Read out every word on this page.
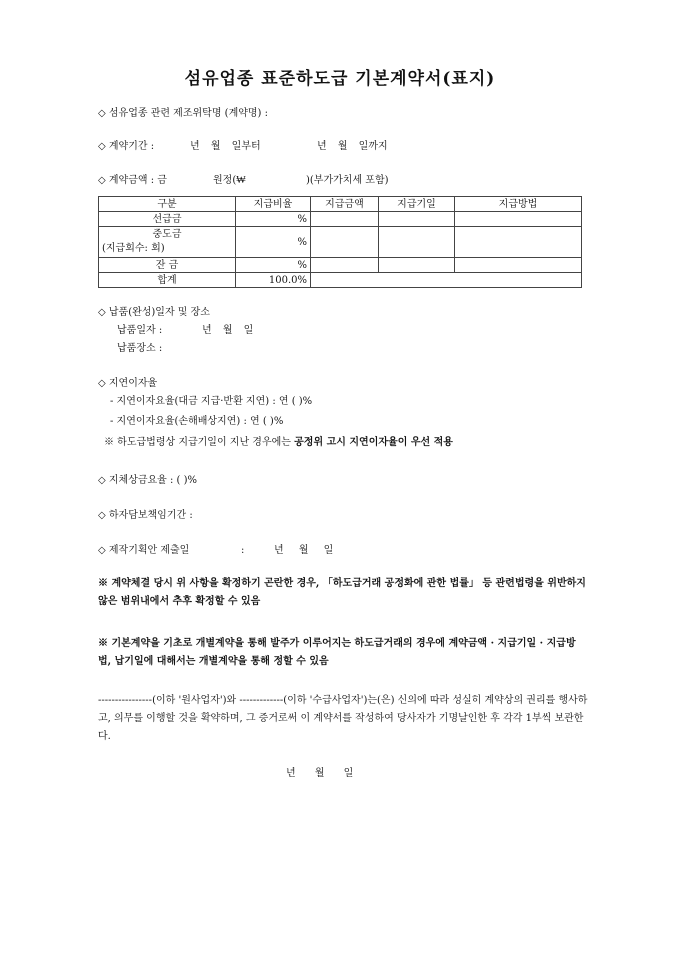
섬유업종 표준하도급 기본계약서(표지)
◇ 섬유업종 관련 제조위탁명 (계약명) :
◇ 계약기간 :	년 월 일부터	년 월 일까지
◇ 계약금액 : 금	원정(₩	)(부가가치세 포함)
구분	지급비율	지급금액	지급기일	지급방법
선급금	%			

중도금
(지급회수: 회)	%			
잔 금	%			
합계	100.0%			
◇ 납품(완성)일자 및 장소
납품일자 :	년 월 일
납품장소 :
◇ 지연이자율
- 지연이자요율(대금 지급·반환 지연) : 연 ( )%
- 지연이자요율(손해배상지연) : 연 ( )%
※ 하도급법령상 지급기일이 지난 경우에는 공정위 고시 지연이자율이 우선 적용
◇ 지체상금요율 : ( )%
◇ 하자담보책임기간 :
◇ 제작기획안 제출일	:	년 월 일
※ 계약체결 당시 위 사항을 확정하기 곤란한 경우, 「하도급거래 공정화에 관한 법률」 등 관련법령을 위반하지 않은 범위내에서 추후 확정할 수 있음
※ 기본계약을 기초로 개별계약을 통해 발주가 이루어지는 하도급거래의 경우에 계약금액 · 지급기일 · 지급방법, 납기일에 대해서는 개별계약을 통해 정할 수 있음
----------------(이하 '원사업자')와 -------------(이하 '수급사업자')는(은) 신의에 따라 성실히 계약상의 권리를 행사하고, 의무를 이행할 것을 확약하며, 그 증거로써 이 계약서를 작성하여 당사자가 기명날인한 후 각각 1부씩 보관한다.
년 월 일
